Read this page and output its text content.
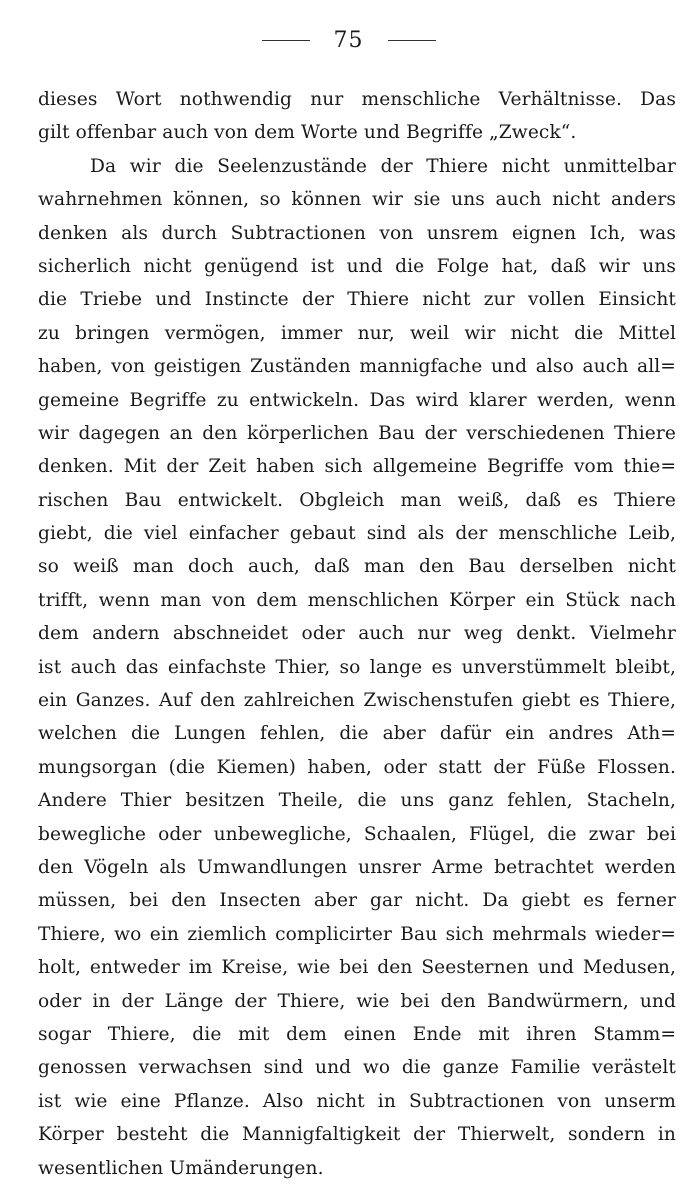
75
dieses Wort nothwendig nur menschliche Verhältnisse. Das
gilt offenbar auch von dem Worte und Begriffe „Zweck“.
Da wir die Seelenzustände der Thiere nicht unmittelbar
wahrnehmen können, so können wir sie uns auch nicht anders
denken als durch Subtractionen von unsrem eignen Ich, was
sicherlich nicht genügend ist und die Folge hat, daß wir uns
die Triebe und Instincte der Thiere nicht zur vollen Einsicht
zu bringen vermögen, immer nur, weil wir nicht die Mittel
haben, von geistigen Zuständen mannigfache und also auch all=
gemeine Begriffe zu entwickeln. Das wird klarer werden, wenn
wir dagegen an den körperlichen Bau der verschiedenen Thiere
denken. Mit der Zeit haben sich allgemeine Begriffe vom thie=
rischen Bau entwickelt. Obgleich man weiß, daß es Thiere
giebt, die viel einfacher gebaut sind als der menschliche Leib,
so weiß man doch auch, daß man den Bau derselben nicht
trifft, wenn man von dem menschlichen Körper ein Stück nach
dem andern abschneidet oder auch nur weg denkt. Vielmehr
ist auch das einfachste Thier, so lange es unverstümmelt bleibt,
ein Ganzes. Auf den zahlreichen Zwischenstufen giebt es Thiere,
welchen die Lungen fehlen, die aber dafür ein andres Ath=
mungsorgan (die Kiemen) haben, oder statt der Füße Flossen.
Andere Thier besitzen Theile, die uns ganz fehlen, Stacheln,
bewegliche oder unbewegliche, Schaalen, Flügel, die zwar bei
den Vögeln als Umwandlungen unsrer Arme betrachtet werden
müssen, bei den Insecten aber gar nicht. Da giebt es ferner
Thiere, wo ein ziemlich complicirter Bau sich mehrmals wieder=
holt, entweder im Kreise, wie bei den Seesternen und Medusen,
oder in der Länge der Thiere, wie bei den Bandwürmern, und
sogar Thiere, die mit dem einen Ende mit ihren Stamm=
genossen verwachsen sind und wo die ganze Familie verästelt
ist wie eine Pflanze. Also nicht in Subtractionen von unserm
Körper besteht die Mannigfaltigkeit der Thierwelt, sondern in
wesentlichen Umänderungen.
